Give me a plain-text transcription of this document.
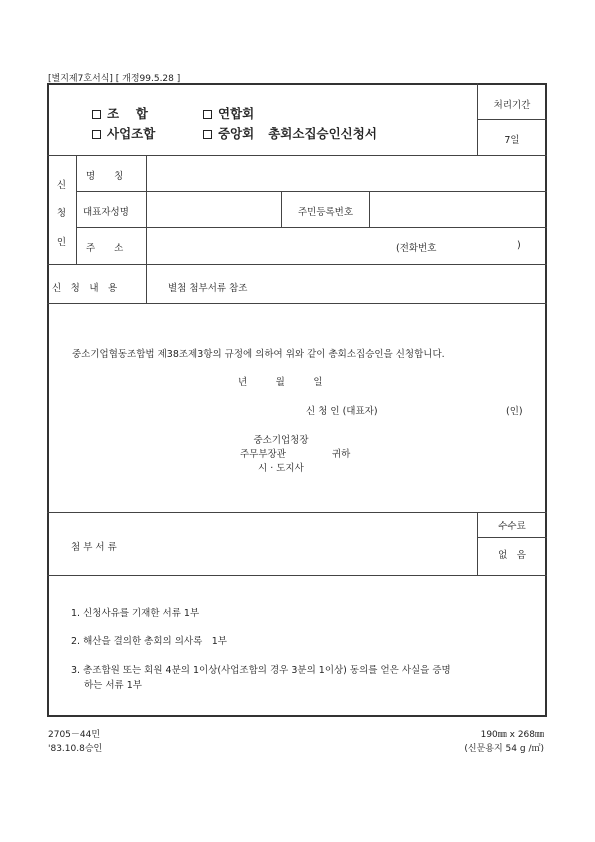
[별지제7호서식] [ 개정99.5.28 ]
조　 합	연합회
사업조합	중앙회 총회소집승인신청서
처리기간
7일
신
청
인
명　　칭
대표자성명	주민등록번호
주　　소	(전화번호	)
신　청　내　용	별첨 첨부서류 참조
중소기업협동조합법 제38조제3항의 규정에 의하여 위와 같이 총회소집승인을 신청합니다.
년　　　월　　　일
신 청 인 (대표자)	(인)
중소기업청장
주무부장관	귀하
시 · 도지사
첨 부 서 류
수수료
없　음
1. 신청사유를 기재한 서류 1부
2. 해산을 결의한 총회의 의사록　1부
3. 총조합원 또는 회원 4분의 1이상(사업조합의 경우 3분의 1이상) 동의를 얻은 사실을 증명
하는 서류 1부
2705－44민
'83.10.8승인
190㎜ x 268㎜
(신문용지 54 g /㎡)
